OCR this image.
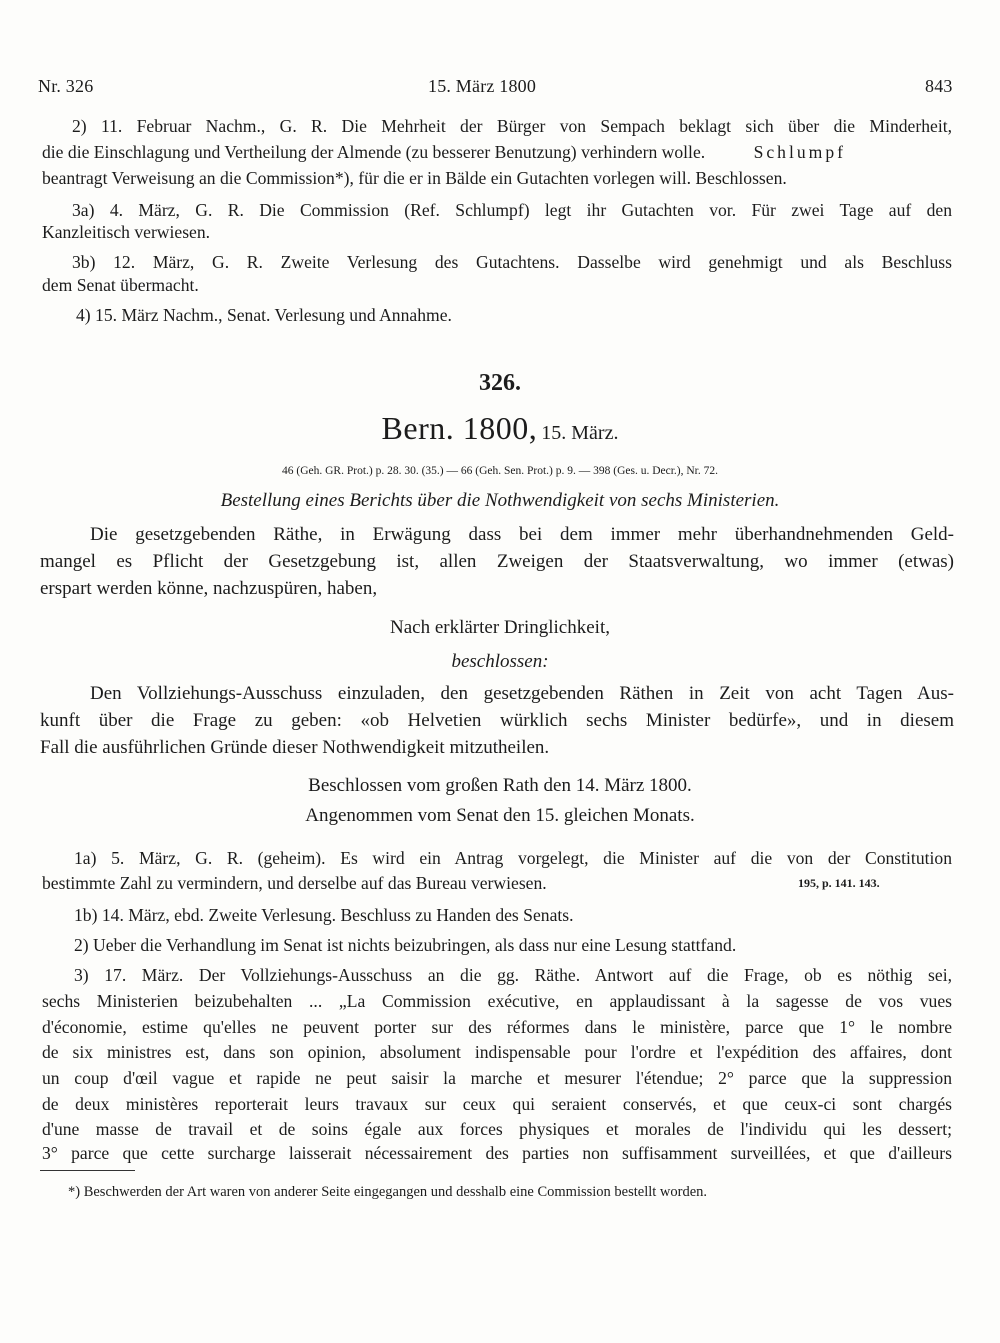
Nr. 326	15. März 1800	843
2) 11. Februar Nachm., G. R. Die Mehrheit der Bürger von Sempach beklagt sich über die Minderheit,
die die Einschlagung und Vertheilung der Almende (zu besserer Benutzung) verhindern wolle.	Schlumpf
beantragt Verweisung an die Commission*), für die er in Bälde ein Gutachten vorlegen will. Beschlossen.
3a) 4. März, G. R. Die Commission (Ref. Schlumpf) legt ihr Gutachten vor. Für zwei Tage auf den
Kanzleitisch verwiesen.
3b) 12. März, G. R. Zweite Verlesung des Gutachtens. Dasselbe wird genehmigt und als Beschluss
dem Senat übermacht.
4) 15. März Nachm., Senat. Verlesung und Annahme.
326.
Bern. 1800, 15. März.
46 (Geh. GR. Prot.) p. 28. 30. (35.) — 66 (Geh. Sen. Prot.) p. 9. — 398 (Ges. u. Decr.), Nr. 72.
Bestellung eines Berichts über die Nothwendigkeit von sechs Ministerien.
Die gesetzgebenden Räthe, in Erwägung dass bei dem immer mehr überhandnehmenden Geld-
mangel es Pflicht der Gesetzgebung ist, allen Zweigen der Staatsverwaltung, wo immer (etwas)
erspart werden könne, nachzuspüren, haben,
Nach erklärter Dringlichkeit,
beschlossen:
Den Vollziehungs-Ausschuss einzuladen, den gesetzgebenden Räthen in Zeit von acht Tagen Aus-
kunft über die Frage zu geben: «ob Helvetien würklich sechs Minister bedürfe», und in diesem
Fall die ausführlichen Gründe dieser Nothwendigkeit mitzutheilen.
Beschlossen vom großen Rath den 14. März 1800.
Angenommen vom Senat den 15. gleichen Monats.
1a) 5. März, G. R. (geheim). Es wird ein Antrag vorgelegt, die Minister auf die von der Constitution
bestimmte Zahl zu vermindern, und derselbe auf das Bureau verwiesen.	195, p. 141. 143.
1b) 14. März, ebd. Zweite Verlesung. Beschluss zu Handen des Senats.
2) Ueber die Verhandlung im Senat ist nichts beizubringen, als dass nur eine Lesung stattfand.
3) 17. März. Der Vollziehungs-Ausschuss an die gg. Räthe. Antwort auf die Frage, ob es nöthig sei,
sechs Ministerien beizubehalten ... „La Commission exécutive, en applaudissant à la sagesse de vos vues
d'économie, estime qu'elles ne peuvent porter sur des réformes dans le ministère, parce que 1° le nombre
de six ministres est, dans son opinion, absolument indispensable pour l'ordre et l'expédition des affaires, dont
un coup d'œil vague et rapide ne peut saisir la marche et mesurer l'étendue; 2° parce que la suppression
de deux ministères reporterait leurs travaux sur ceux qui seraient conservés, et que ceux-ci sont chargés
d'une masse de travail et de soins égale aux forces physiques et morales de l'individu qui les dessert;
3° parce que cette surcharge laisserait nécessairement des parties non suffisamment surveillées, et que d'ailleurs
*) Beschwerden der Art waren von anderer Seite eingegangen und desshalb eine Commission bestellt worden.
